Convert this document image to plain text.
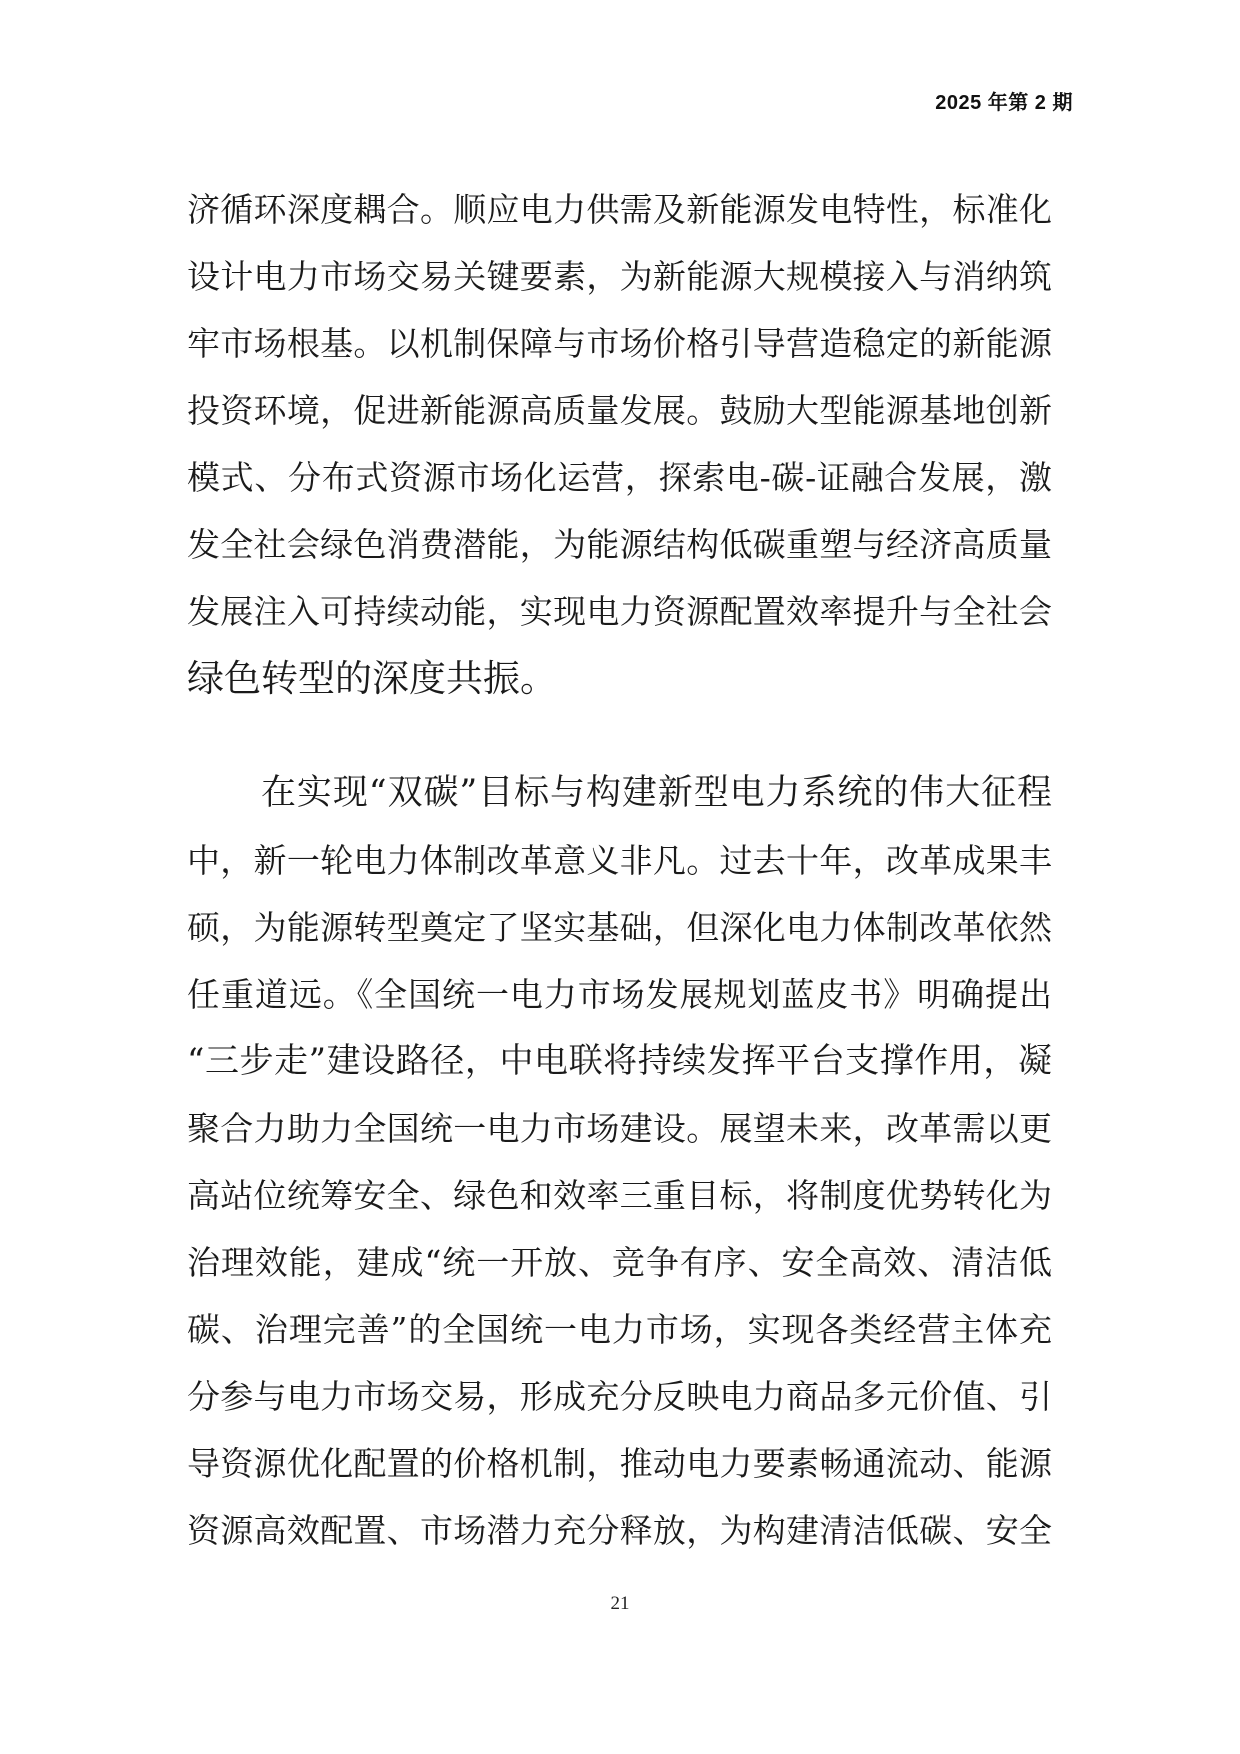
2025 年第 2 期
济循环深度耦合。顺应电力供需及新能源发电特性，标准化
设计电力市场交易关键要素，为新能源大规模接入与消纳筑
牢市场根基。以机制保障与市场价格引导营造稳定的新能源
投资环境，促进新能源高质量发展。鼓励大型能源基地创新
模式、分布式资源市场化运营，探索电-碳-证融合发展，激
发全社会绿色消费潜能，为能源结构低碳重塑与经济高质量
发展注入可持续动能，实现电力资源配置效率提升与全社会
绿色转型的深度共振。
在实现“双碳”目标与构建新型电力系统的伟大征程
中，新一轮电力体制改革意义非凡。过去十年，改革成果丰
硕，为能源转型奠定了坚实基础，但深化电力体制改革依然
任重道远。《全国统一电力市场发展规划蓝皮书》明确提出
“三步走”建设路径，中电联将持续发挥平台支撑作用，凝
聚合力助力全国统一电力市场建设。展望未来，改革需以更
高站位统筹安全、绿色和效率三重目标，将制度优势转化为
治理效能，建成“统一开放、竞争有序、安全高效、清洁低
碳、治理完善”的全国统一电力市场，实现各类经营主体充
分参与电力市场交易，形成充分反映电力商品多元价值、引
导资源优化配置的价格机制，推动电力要素畅通流动、能源
资源高效配置、市场潜力充分释放，为构建清洁低碳、安全
21
